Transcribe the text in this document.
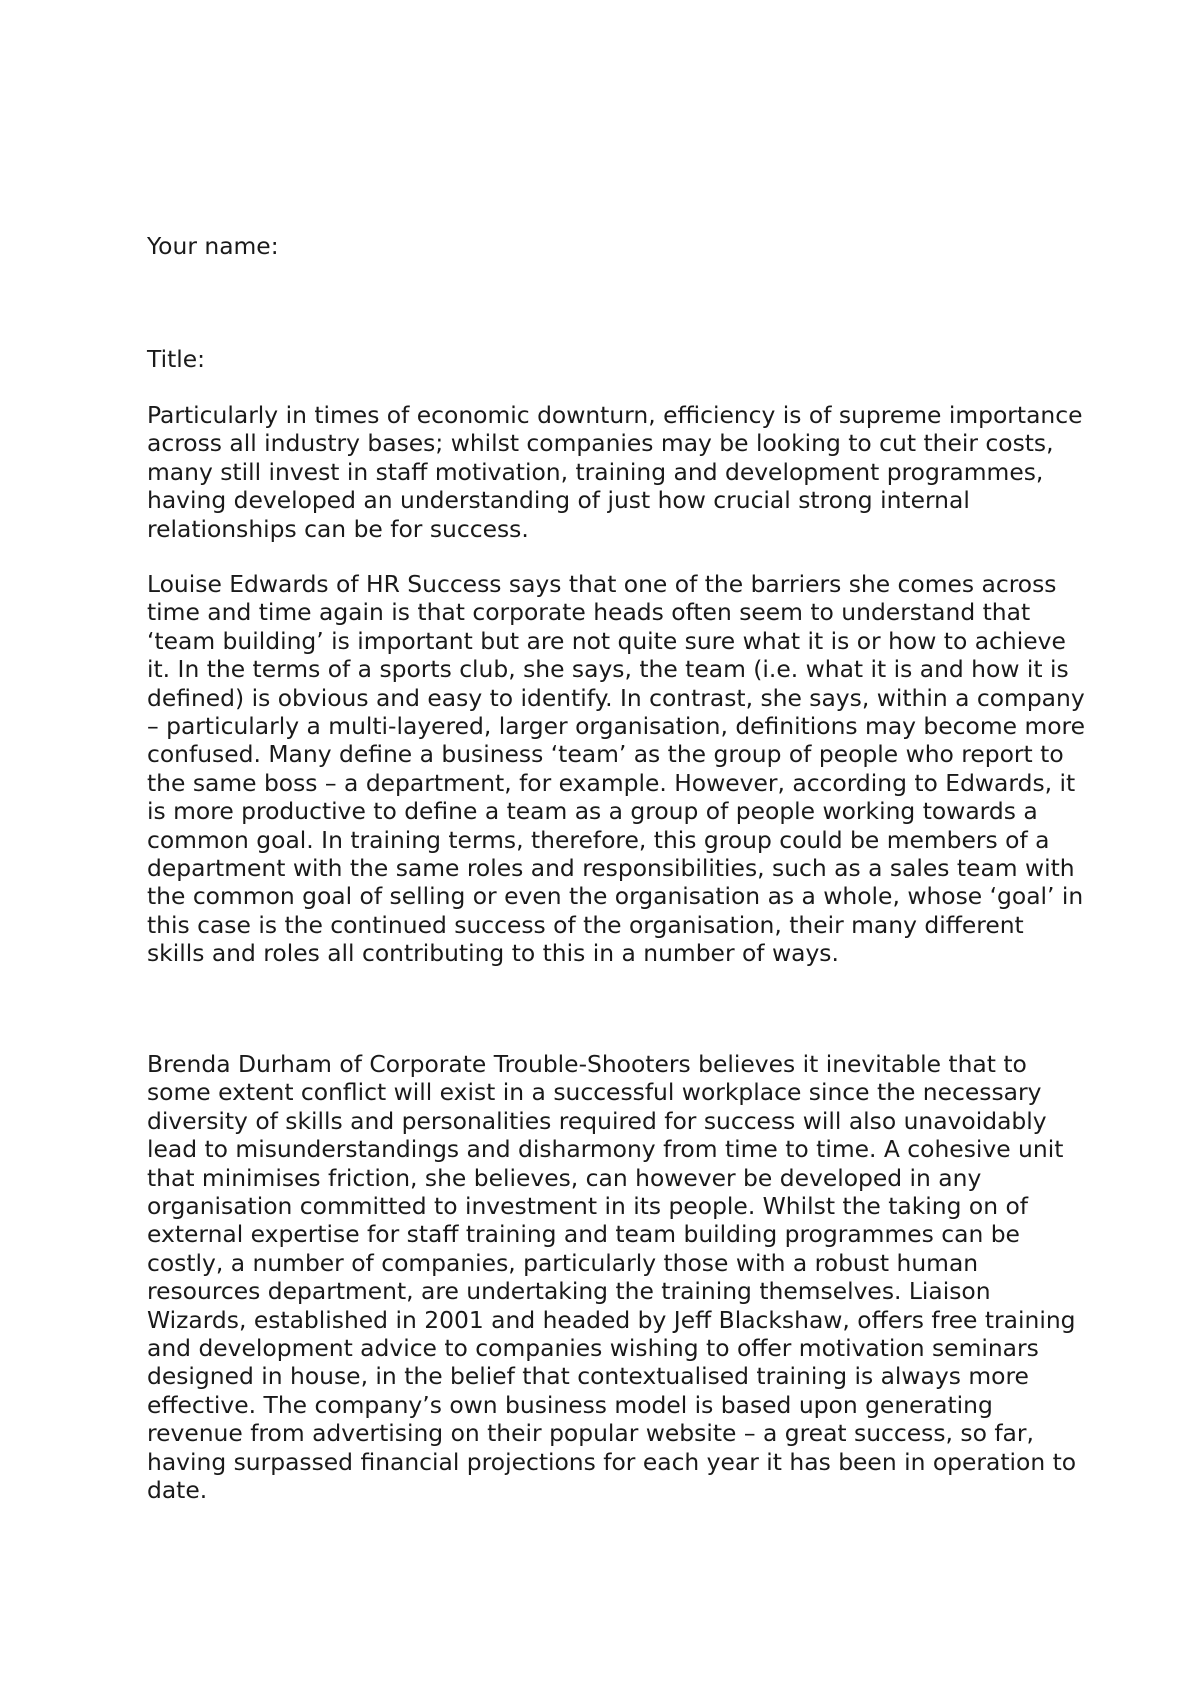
Your name:

Title:

Particularly in times of economic downturn, efficiency is of supreme importance across all industry bases; whilst companies may be looking to cut their costs, many still invest in staff motivation, training and development programmes, having developed an understanding of just how crucial strong internal relationships can be for success.

Louise Edwards of HR Success says that one of the barriers she comes across time and time again is that corporate heads often seem to understand that ‘team building’ is important but are not quite sure what it is or how to achieve it. In the terms of a sports club, she says, the team (i.e. what it is and how it is defined) is obvious and easy to identify. In contrast, she says, within a company – particularly a multi-layered, larger organisation, definitions may become more confused. Many define a business ‘team’ as the group of people who report to the same boss – a department, for example. However, according to Edwards, it is more productive to define a team as a group of people working towards a common goal. In training terms, therefore, this group could be members of a department with the same roles and responsibilities, such as a sales team with the common goal of selling or even the organisation as a whole, whose ‘goal’ in this case is the continued success of the organisation, their many different skills and roles all contributing to this in a number of ways.

Brenda Durham of Corporate Trouble-Shooters believes it inevitable that to some extent conflict will exist in a successful workplace since the necessary diversity of skills and personalities required for success will also unavoidably lead to misunderstandings and disharmony from time to time. A cohesive unit that minimises friction, she believes, can however be developed in any organisation committed to investment in its people. Whilst the taking on of external expertise for staff training and team building programmes can be costly, a number of companies, particularly those with a robust human resources department, are undertaking the training themselves. Liaison Wizards, established in 2001 and headed by Jeff Blackshaw, offers free training and development advice to companies wishing to offer motivation seminars designed in house, in the belief that contextualised training is always more effective. The company’s own business model is based upon generating revenue from advertising on their popular website – a great success, so far, having surpassed financial projections for each year it has been in operation to date.
